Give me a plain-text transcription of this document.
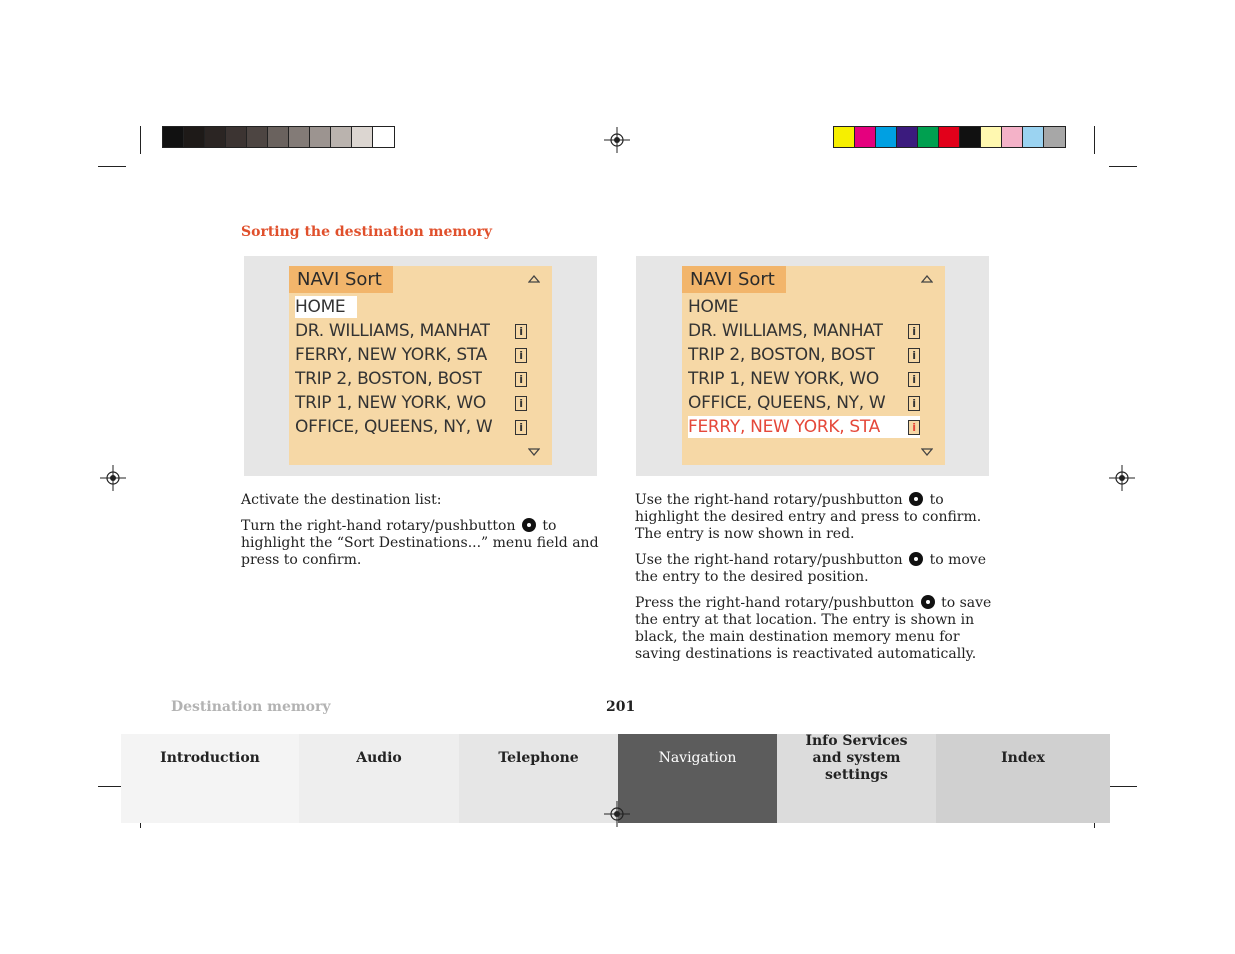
Sorting the destination memory
NAVI Sort
HOME
DR. WILLIAMS, MANHAT	i
FERRY, NEW YORK, STA	i
TRIP 2, BOSTON, BOST	i
TRIP 1, NEW YORK, WO	i
OFFICE, QUEENS, NY, W	i
NAVI Sort
HOME
DR. WILLIAMS, MANHAT	i
TRIP 2, BOSTON, BOST	i
TRIP 1, NEW YORK, WO	i
OFFICE, QUEENS, NY, W	i
FERRY, NEW YORK, STA	i

Activate the destination list:

Turn the right-hand rotary/pushbutton to highlight the “Sort Destinations...” menu field and press to confirm.

Use the right-hand rotary/pushbutton to highlight the desired entry and press to confirm.
The entry is now shown in red.

Use the right-hand rotary/pushbutton to move the entry to the desired position.

Press the right-hand rotary/pushbutton to save the entry at that location. The entry is shown in black, the main destination memory menu for saving destinations is reactivated automatically.

Destination memory	201
Introduction	Audio	Telephone	Navigation
Info Services and system settings
Index
